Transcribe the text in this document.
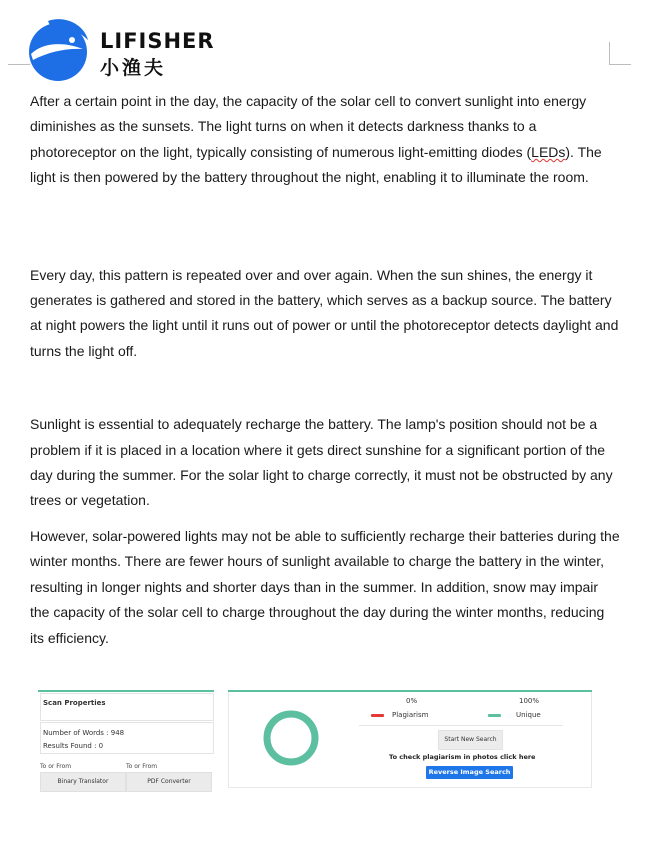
LIFISHER
小渔夫

After a certain point in the day, the capacity of the solar cell to convert sunlight into energy diminishes as the sunsets. The light turns on when it detects darkness thanks to a photoreceptor on the light, typically consisting of numerous light-emitting diodes (LEDs). The light is then powered by the battery throughout the night, enabling it to illuminate the room.

Every day, this pattern is repeated over and over again. When the sun shines, the energy it generates is gathered and stored in the battery, which serves as a backup source. The battery at night powers the light until it runs out of power or until the photoreceptor detects daylight and turns the light off.

Sunlight is essential to adequately recharge the battery. The lamp's position should not be a problem if it is placed in a location where it gets direct sunshine for a significant portion of the day during the summer. For the solar light to charge correctly, it must not be obstructed by any trees or vegetation.

However, solar-powered lights may not be able to sufficiently recharge their batteries during the winter months. There are fewer hours of sunlight available to charge the battery in the winter, resulting in longer nights and shorter days than in the summer. In addition, snow may impair the capacity of the solar cell to charge throughout the day during the winter months, reducing its efficiency.

Scan Properties
Number of Words : 948
Results Found : 0
To or From	To or From
Binary Translator	PDF Converter
0%	100%
Plagiarism	Unique
Start New Search
To check plagiarism in photos click here
Reverse Image Search
